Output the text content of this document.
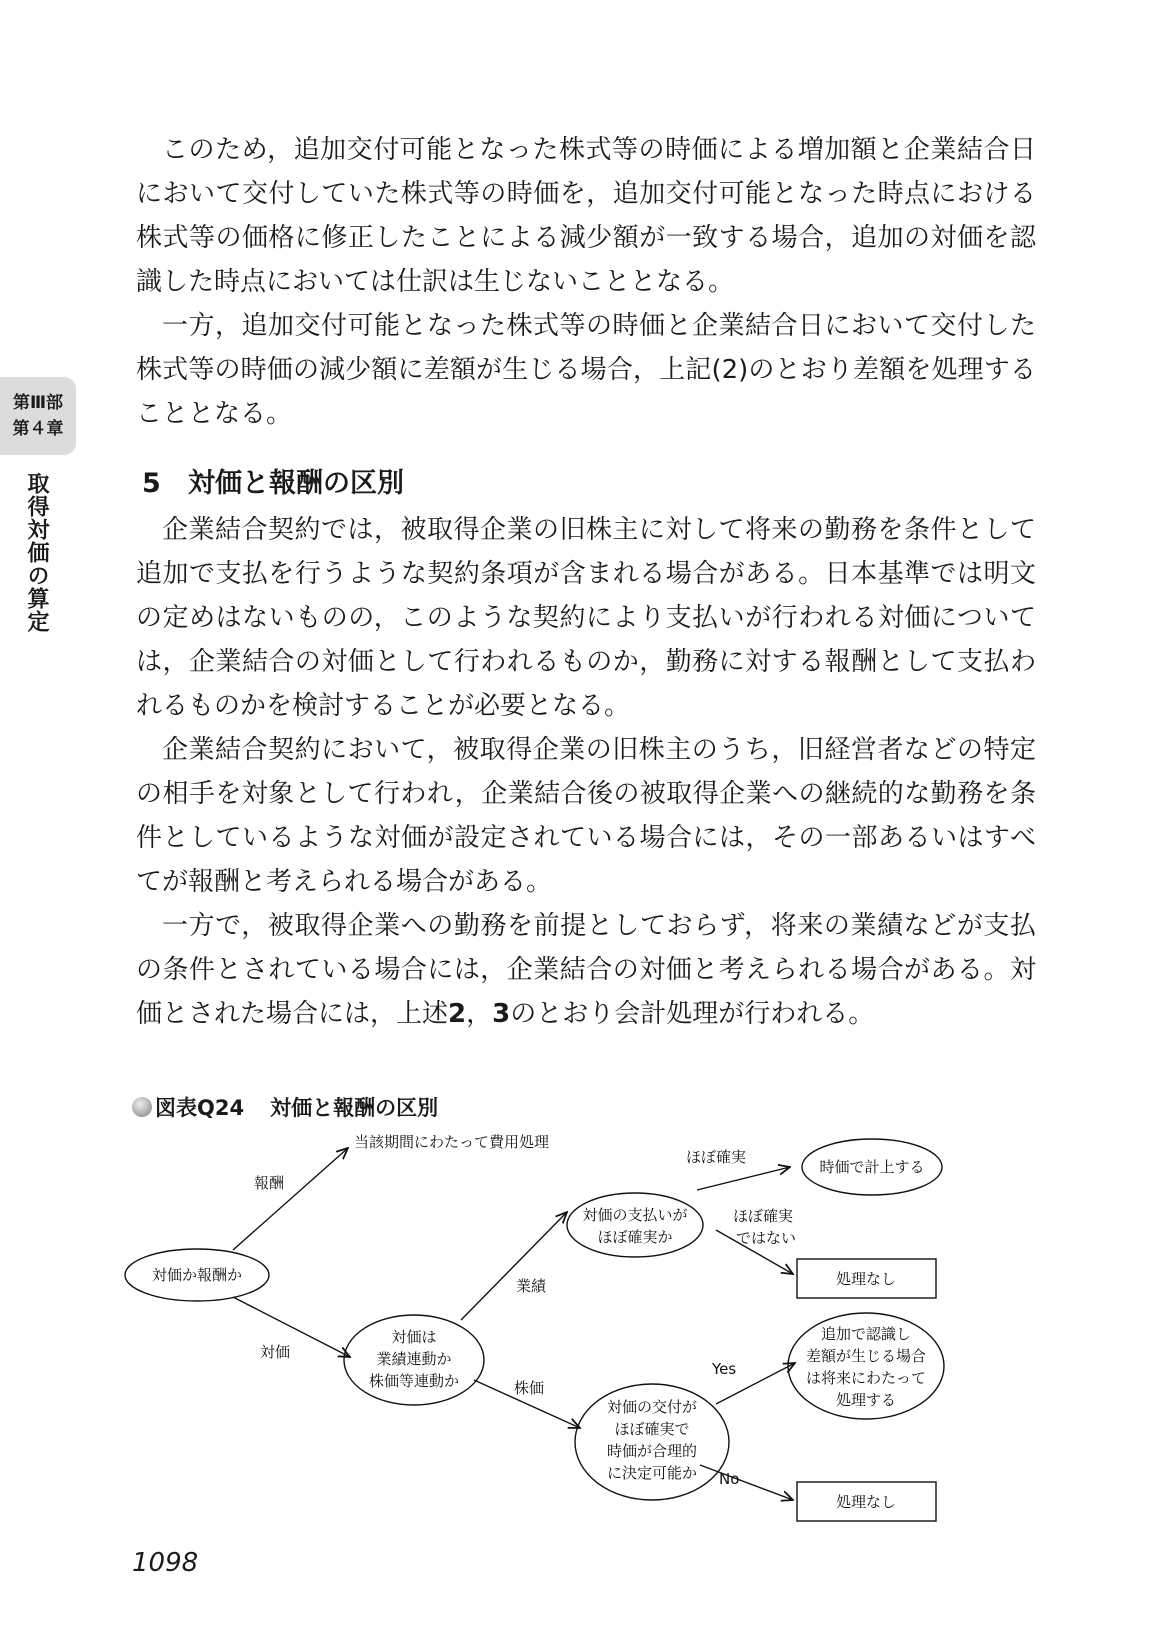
第Ⅲ部
第４章
取得対価の算定

このため，追加交付可能となった株式等の時価による増加額と企業結合日において交付していた株式等の時価を，追加交付可能となった時点における株式等の価格に修正したことによる減少額が一致する場合，追加の対価を認識した時点においては仕訳は生じないこととなる。

一方，追加交付可能となった株式等の時価と企業結合日において交付した株式等の時価の減少額に差額が生じる場合，上記(2)のとおり差額を処理することとなる。

5 対価と報酬の区別

企業結合契約では，被取得企業の旧株主に対して将来の勤務を条件として追加で支払を行うような契約条項が含まれる場合がある。日本基準では明文の定めはないものの，このような契約により支払いが行われる対価については，企業結合の対価として行われるものか，勤務に対する報酬として支払われるものかを検討することが必要となる。

企業結合契約において，被取得企業の旧株主のうち，旧経営者などの特定の相手を対象として行われ，企業結合後の被取得企業への継続的な勤務を条件としているような対価が設定されている場合には，その一部あるいはすべてが報酬と考えられる場合がある。

一方で，被取得企業への勤務を前提としておらず，将来の業績などが支払の条件とされている場合には，企業結合の対価と考えられる場合がある。対価とされた場合には，上述2，3のとおり会計処理が行われる。

図表Q24 対価と報酬の区別
対価か報酬か
当該期間にわたって費用処理
対価は
業績連動か
株価等連動か
対価の支払いが
ほぼ確実か
時価で計上する
処理なし
対価の交付が
ほぼ確実で
時価が合理的
に決定可能か
追加で認識し
差額が生じる場合
は将来にわたって
処理する
処理なし
報酬
対価
業績
株価
ほぼ確実
ほぼ確実
ではない
Yes
No
1098
